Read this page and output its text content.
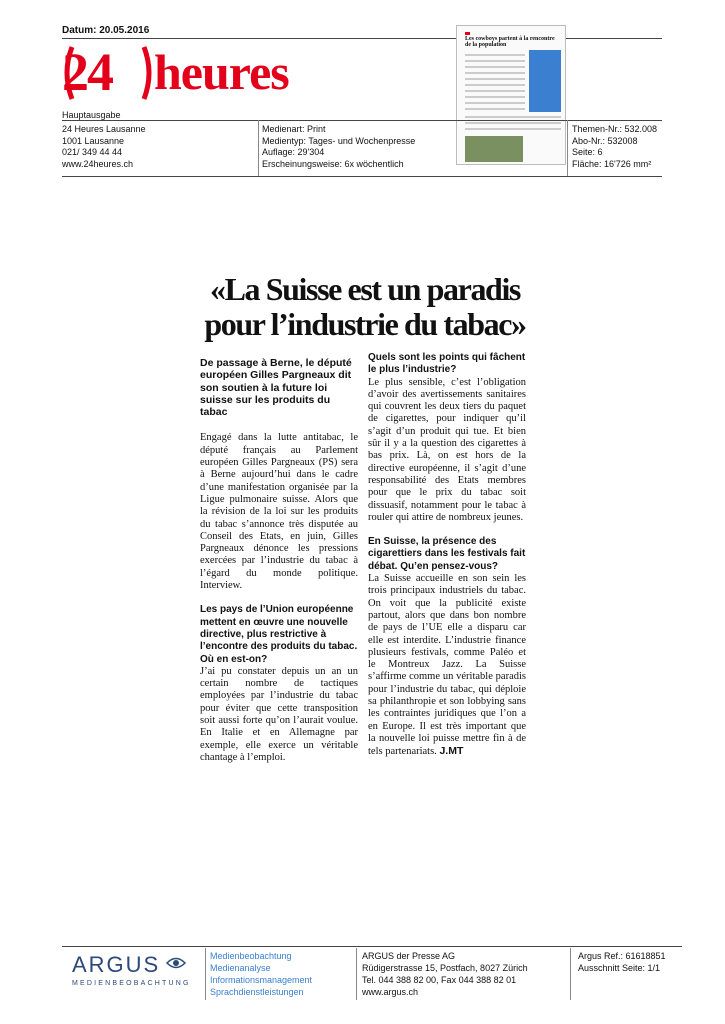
Datum: 20.05.2016
24 heures
Hauptausgabe
Les cowboys partent à la rencontre de la population
24 Heures Lausanne
1001 Lausanne
021/ 349 44 44
www.24heures.ch
Medienart: Print
Medientyp: Tages- und Wochenpresse
Auflage: 29'304
Erscheinungsweise: 6x wöchentlich
Themen-Nr.: 532.008
Abo-Nr.: 532008
Seite: 6
Fläche: 16'726 mm²
«La Suisse est un paradis
pour l’industrie du tabac»
De passage à Berne, le député européen Gilles Pargneaux dit son soutien à la future loi suisse sur les produits du tabac
Engagé dans la lutte antitabac, le député français au Parlement européen Gilles Pargneaux (PS) sera à Berne aujourd’hui dans le cadre d’une manifestation organisée par la Ligue pulmonaire suisse. Alors que la révision de la loi sur les produits du tabac s’annonce très disputée au Conseil des Etats, en juin, Gilles Pargneaux dénonce les pressions exercées par l’industrie du tabac à l’égard du monde politique. Interview.
Les pays de l’Union européenne mettent en œuvre une nouvelle directive, plus restrictive à l’encontre des produits du tabac. Où en est-on?
J’ai pu constater depuis un an un certain nombre de tactiques employées par l’industrie du tabac pour éviter que cette transposition soit aussi forte qu’on l’aurait voulue. En Italie et en Allemagne par exemple, elle exerce un véritable chantage à l’emploi.
Quels sont les points qui fâchent le plus l’industrie?
Le plus sensible, c’est l’obligation d’avoir des avertissements sanitaires qui couvrent les deux tiers du paquet de cigarettes, pour indiquer qu’il s’agit d’un produit qui tue. Et bien sûr il y a la question des cigarettes à bas prix. Là, on est hors de la directive européenne, il s’agit d’une responsabilité des Etats membres pour que le prix du tabac soit dissuasif, notamment pour le tabac à rouler qui attire de nombreux jeunes.
En Suisse, la présence des cigarettiers dans les festivals fait débat. Qu’en pensez-vous?
La Suisse accueille en son sein les trois principaux industriels du tabac. On voit que la publicité existe partout, alors que dans bon nombre de pays de l’UE elle a disparu car elle est interdite. L’industrie finance plusieurs festivals, comme Paléo et le Montreux Jazz. La Suisse s’affirme comme un véritable paradis pour l’industrie du tabac, qui déploie sa philanthropie et son lobbying sans les contraintes juridiques que l’on a en Europe. Il est très important que la nouvelle loi puisse mettre fin à de tels partenariats. J.MT
ARGUS
MEDIENBEOBACHTUNG
Medienbeobachtung
Medienanalyse
Informationsmanagement
Sprachdienstleistungen
ARGUS der Presse AG
Rüdigerstrasse 15, Postfach, 8027 Zürich
Tel. 044 388 82 00, Fax 044 388 82 01
www.argus.ch
Argus Ref.: 61618851
Ausschnitt Seite: 1/1
